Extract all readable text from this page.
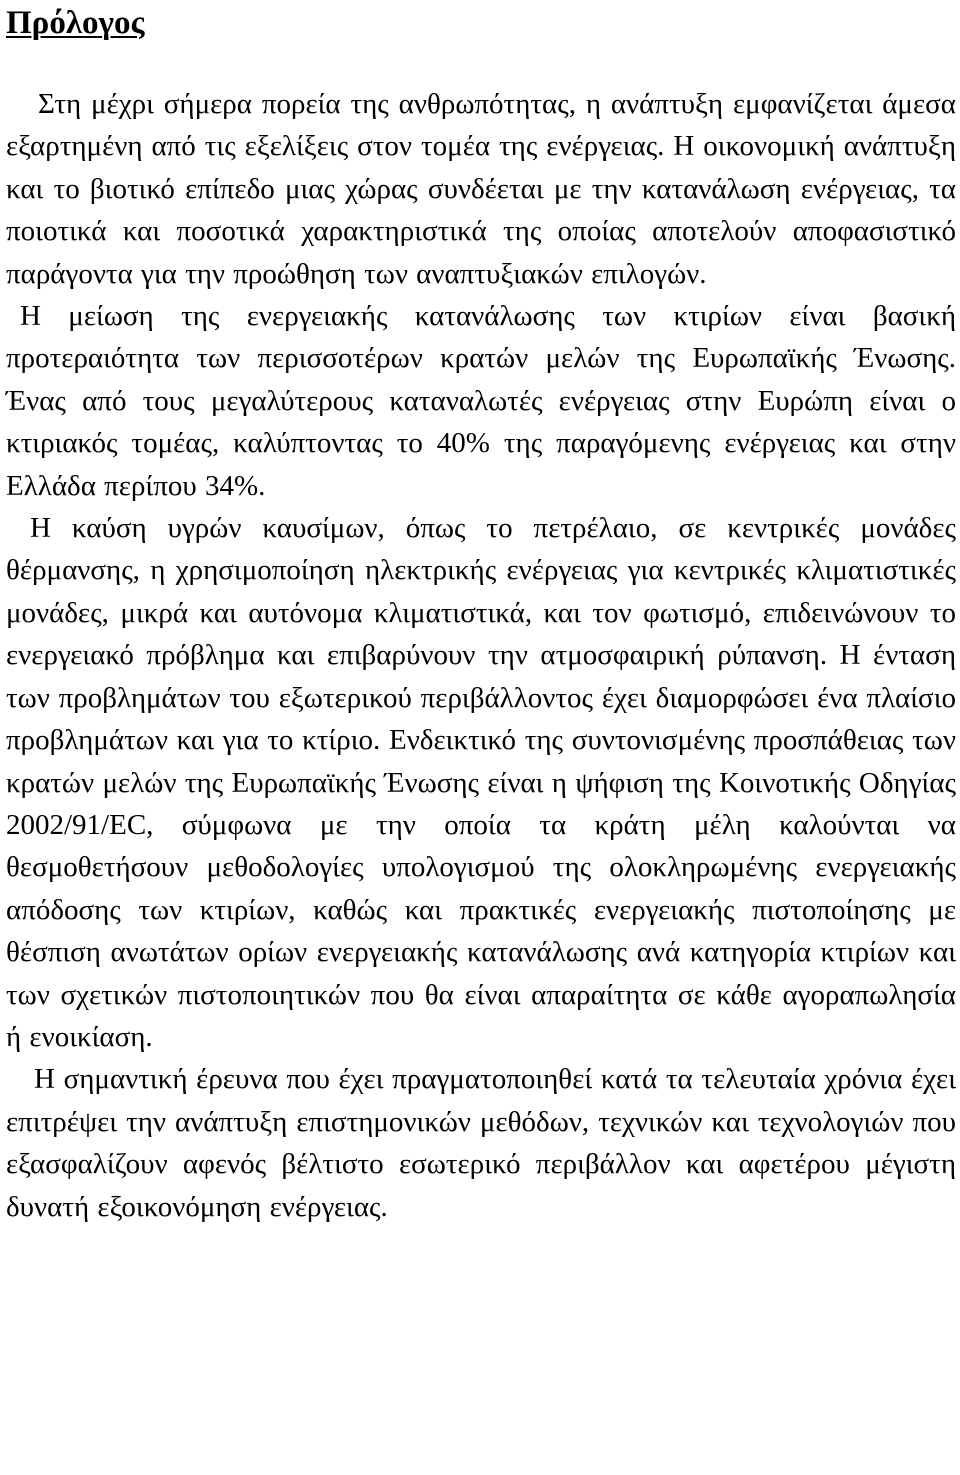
Πρόλογος

Στη μέχρι σήμερα πορεία της ανθρωπότητας, η ανάπτυξη εμφανίζεται άμεσα εξαρτημένη από τις εξελίξεις στον τομέα της ενέργειας. Η οικονομική ανάπτυξη και το βιοτικό επίπεδο μιας χώρας συνδέεται με την κατανάλωση ενέργειας, τα ποιοτικά και ποσοτικά χαρακτηριστικά της οποίας αποτελούν αποφασιστικό παράγοντα για την προώθηση των αναπτυξιακών επιλογών.

Η μείωση της ενεργειακής κατανάλωσης των κτιρίων είναι βασική προτεραιότητα των περισσοτέρων κρατών μελών της Ευρωπαϊκής Ένωσης. Ένας από τους μεγαλύτερους καταναλωτές ενέργειας στην Ευρώπη είναι ο κτιριακός τομέας, καλύπτοντας το 40% της παραγόμενης ενέργειας και στην Ελλάδα περίπου 34%.

Η καύση υγρών καυσίμων, όπως το πετρέλαιο, σε κεντρικές μονάδες θέρμανσης, η χρησιμοποίηση ηλεκτρικής ενέργειας για κεντρικές κλιματιστικές μονάδες, μικρά και αυτόνομα κλιματιστικά, και τον φωτισμό, επιδεινώνουν το ενεργειακό πρόβλημα και επιβαρύνουν την ατμοσφαιρική ρύπανση. Η ένταση των προβλημάτων του εξωτερικού περιβάλλοντος έχει διαμορφώσει ένα πλαίσιο προβλημάτων και για το κτίριο. Ενδεικτικό της συντονισμένης προσπάθειας των κρατών μελών της Ευρωπαϊκής Ένωσης είναι η ψήφιση της Κοινοτικής Οδηγίας 2002/91/EC, σύμφωνα με την οποία τα κράτη μέλη καλούνται να θεσμοθετήσουν μεθοδολογίες υπολογισμού της ολοκληρωμένης ενεργειακής απόδοσης των κτιρίων, καθώς και πρακτικές ενεργειακής πιστοποίησης με θέσπιση ανωτάτων ορίων ενεργειακής κατανάλωσης ανά κατηγορία κτιρίων και των σχετικών πιστοποιητικών που θα είναι απαραίτητα σε κάθε αγοραπωλησία ή ενοικίαση.

Η σημαντική έρευνα που έχει πραγματοποιηθεί κατά τα τελευταία χρόνια έχει επιτρέψει την ανάπτυξη επιστημονικών μεθόδων, τεχνικών και τεχνολογιών που εξασφαλίζουν αφενός βέλτιστο εσωτερικό περιβάλλον και αφετέρου μέγιστη δυνατή εξοικονόμηση ενέργειας.
